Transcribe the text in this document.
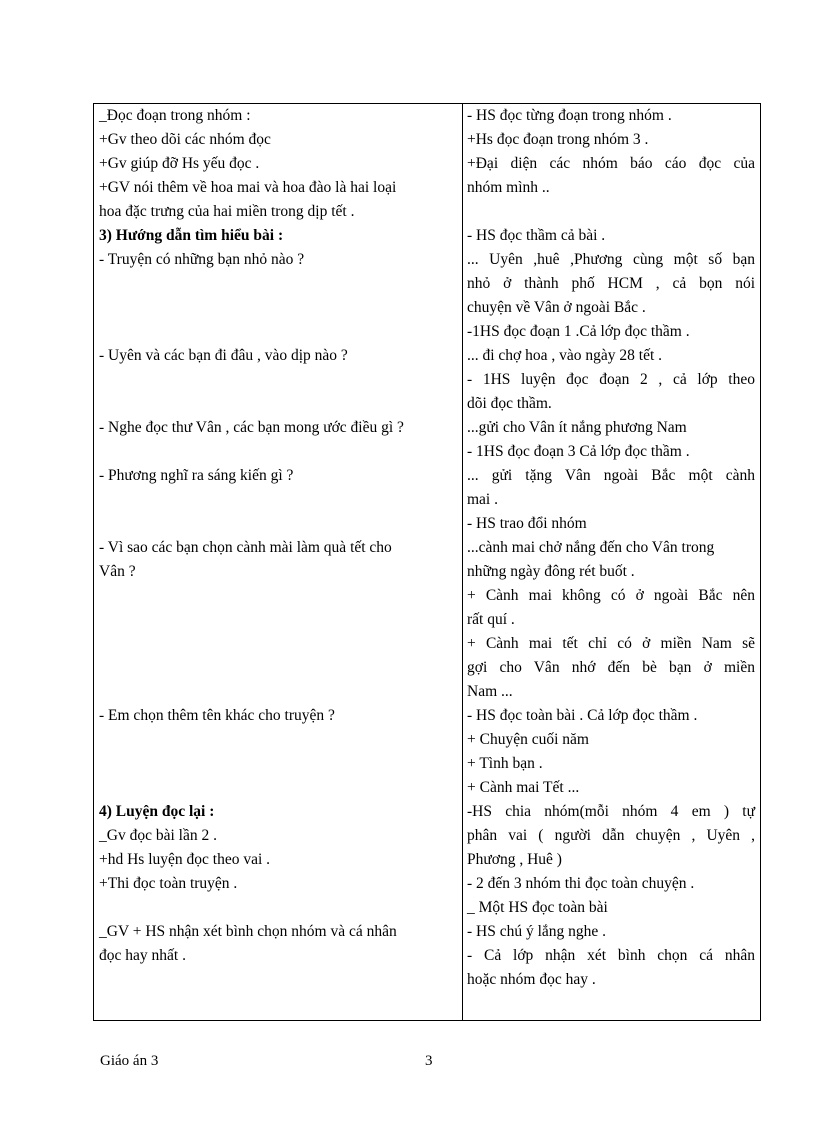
_Đọc đoạn trong nhóm :
+Gv theo dõi các nhóm đọc
+Gv giúp đỡ Hs yếu đọc .
+GV nói thêm về hoa mai và hoa đào là hai loại
hoa đặc trưng của hai miền trong dịp tết .
3) Hướng dẫn tìm hiểu bài :
- Truyện có những bạn nhỏ nào ?
- Uyên và các bạn đi đâu , vào dịp nào ?
- Nghe đọc thư Vân , các bạn mong ước điều gì ?
- Phương nghĩ ra sáng kiến gì ?
- Vì sao các bạn chọn cành mài làm quà tết cho
Vân ?
- Em chọn thêm tên khác cho truyện ?
4) Luyện đọc lại :
_Gv đọc bài lần 2 .
+hd Hs luyện đọc theo vai .
+Thi đọc toàn truyện .
_GV + HS nhận xét bình chọn nhóm và cá nhân
đọc hay nhất .
- HS đọc từng đoạn trong nhóm .
+Hs đọc đoạn trong nhóm 3 .
+Đại diện các nhóm báo cáo đọc của
nhóm mình ..
- HS đọc thầm cả bài .
... Uyên ,huê ,Phương cùng một số bạn
nhỏ ở thành phố HCM , cả bọn nói
chuyện về Vân ở ngoài Bắc .
-1HS đọc đoạn 1 .Cả lớp đọc thầm .
... đi chợ hoa , vào ngày 28 tết .
- 1HS luyện đọc đoạn 2 , cả lớp theo
dõi đọc thầm.
...gửi cho Vân ít nắng phương Nam
- 1HS đọc đoạn 3 Cả lớp đọc thầm .
... gửi tặng Vân ngoài Bắc một cành
mai .
- HS trao đổi nhóm
...cành mai chở nắng đến cho Vân trong
những ngày đông rét buốt .
+ Cành mai không có ở ngoài Bắc nên
rất quí .
+ Cành mai tết chỉ có ở miền Nam sẽ
gợi cho Vân nhớ đến bè bạn ở miền
Nam ...
- HS đọc toàn bài . Cả lớp đọc thầm .
+ Chuyện cuối năm
+ Tình bạn .
+ Cành mai Tết ...
-HS chia nhóm(mỗi nhóm 4 em ) tự
phân vai ( người dẫn chuyện , Uyên ,
Phương , Huê )
- 2 đến 3 nhóm thi đọc toàn chuyện .
_ Một HS đọc toàn bài
- HS chú ý lắng nghe .
- Cả lớp nhận xét bình chọn cá nhân
hoặc nhóm đọc hay .
Giáo án 3	3
